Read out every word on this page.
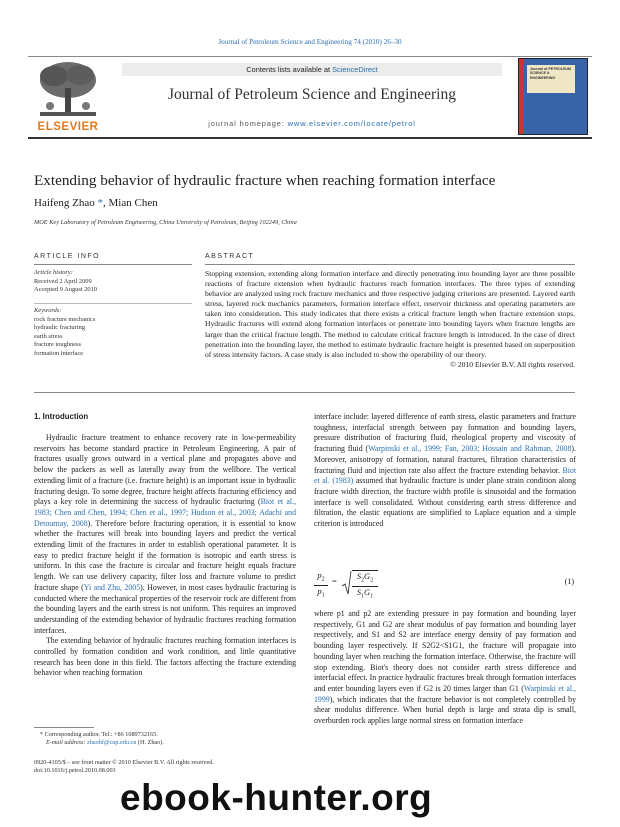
Journal of Petroleum Science and Engineering 74 (2010) 26–30
ELSEVIER
Contents lists available at ScienceDirect
Journal of Petroleum Science and Engineering
journal homepage: www.elsevier.com/locate/petrol
Journal of PETROLEUM SCIENCE & ENGINEERING
Extending behavior of hydraulic fracture when reaching formation interface
Haifeng Zhao *, Mian Chen
MOE Key Laboratory of Petroleum Engineering, China University of Petroleum, Beijing 102249, China
ARTICLE INFO	ABSTRACT
Article history:
Received 2 April 2009
Accepted 9 August 2010
Keywords:
rock fracture mechanics
hydraulic fracturing
earth stress
fracture toughness
formation interface
Stopping extension, extending along formation interface and directly penetrating into bounding layer are three possible reactions of fracture extension when hydraulic fractures reach formation interfaces. The three types of extending behavior are analyzed using rock fracture mechanics and three respective judging criterions are presented. Layered earth stress, layered rock mechanics parameters, formation interface effect, reservoir thickness and operating parameters are taken into consideration. This study indicates that there exists a critical fracture length when fracture extension stops. Hydraulic fractures will extend along formation interfaces or penetrate into bounding layers when fracture lengths are larger than the critical fracture length. The method to calculate critical fracture length is introduced. In the case of direct penetration into the bounding layer, the method to estimate hydraulic fracture height is presented based on superposition of stress intensity factors. A case study is also included to show the operability of our theory.
© 2010 Elsevier B.V. All rights reserved.
1. Introduction

Hydraulic fracture treatment to enhance recovery rate in low-permeability reservoirs has become standard practice in Petroleum Engineering. A pair of fractures usually grows outward in a vertical plane and propagates above and below the packers as well as laterally away from the wellbore. The vertical extending limit of a fracture (i.e. fracture height) is an important issue in hydraulic fracturing design. To some degree, fracture height affects fracturing efficiency and plays a key role in determining the success of hydraulic fracturing (Biot et al., 1983; Chen and Chen, 1994; Chen et al., 1997; Hudson et al., 2003; Adachi and Detournay, 2008). Therefore before fracturing operation, it is essential to know whether the fractures will break into bounding layers and predict the vertical extending limit of the fractures in order to establish operational parameter. It is easy to predict fracture height if the formation is isotropic and earth stress is uniform. In this case the fracture is circular and fracture height equals fracture length. We can use delivery capacity, filter loss and fracture volume to predict fracture shape (Yi and Zhu, 2005). However, in most cases hydraulic fracturing is conducted where the mechanical properties of the reservoir rock are different from the bounding layers and the earth stress is not uniform. This requires an improved understanding of the extending behavior of hydraulic fractures reaching formation interfaces.

The extending behavior of hydraulic fractures reaching formation interfaces is controlled by formation condition and work condition, and little quantitative research has been done in this field. The factors affecting the fracture extending behavior when reaching formation

interface include: layered difference of earth stress, elastic parameters and fracture toughness, interfacial strength between pay formation and bounding layers, pressure distribution of fracturing fluid, rheological property and viscosity of fracturing fluid (Warpinski et al., 1999; Fan, 2003; Hossain and Rahman, 2008). Moreover, anisotropy of formation, natural fractures, filtration characteristics of fracturing fluid and injection rate also affect the fracture extending behavior. Biot et al. (1983) assumed that hydraulic fracture is under plane strain condition along fracture width direction, the fracture width profile is sinusoidal and the formation interface is well consolidated. Without considering earth stress difference and filtration, the elastic equations are simplified to Laplace equation and a simple criterion is introduced

$\frac{p_2}{p_1} = \frac{S_2G_2}{S_1G_1}$	(1)

where p1 and p2 are extending pressure in pay formation and bounding layer respectively, G1 and G2 are shear modulus of pay formation and bounding layer respectively, and S1 and S2 are interface energy density of pay formation and bounding layer respectively. If S2G2<S1G1, the fracture will propagate into bounding layer when reaching the formation interface. Otherwise, the fracture will stop extending. Biot's theory does not consider earth stress difference and interfacial effect. In practice hydraulic fractures break through formation interfaces and enter bounding layers even if G2 is 20 times larger than G1 (Warpinski et al., 1999), which indicates that the fracture behavior is not completely controlled by shear modulus difference. When burial depth is large and strata dip is small, overburden rock applies large normal stress on formation interface

* Corresponding author. Tel.: +86 1089732165.
E-mail address: zhaohf@cup.edu.cn (H. Zhao).
0920-4105/$ – see front matter © 2010 Elsevier B.V. All rights reserved.
doi:10.1016/j.petrol.2010.08.003
ebook-hunter.org
